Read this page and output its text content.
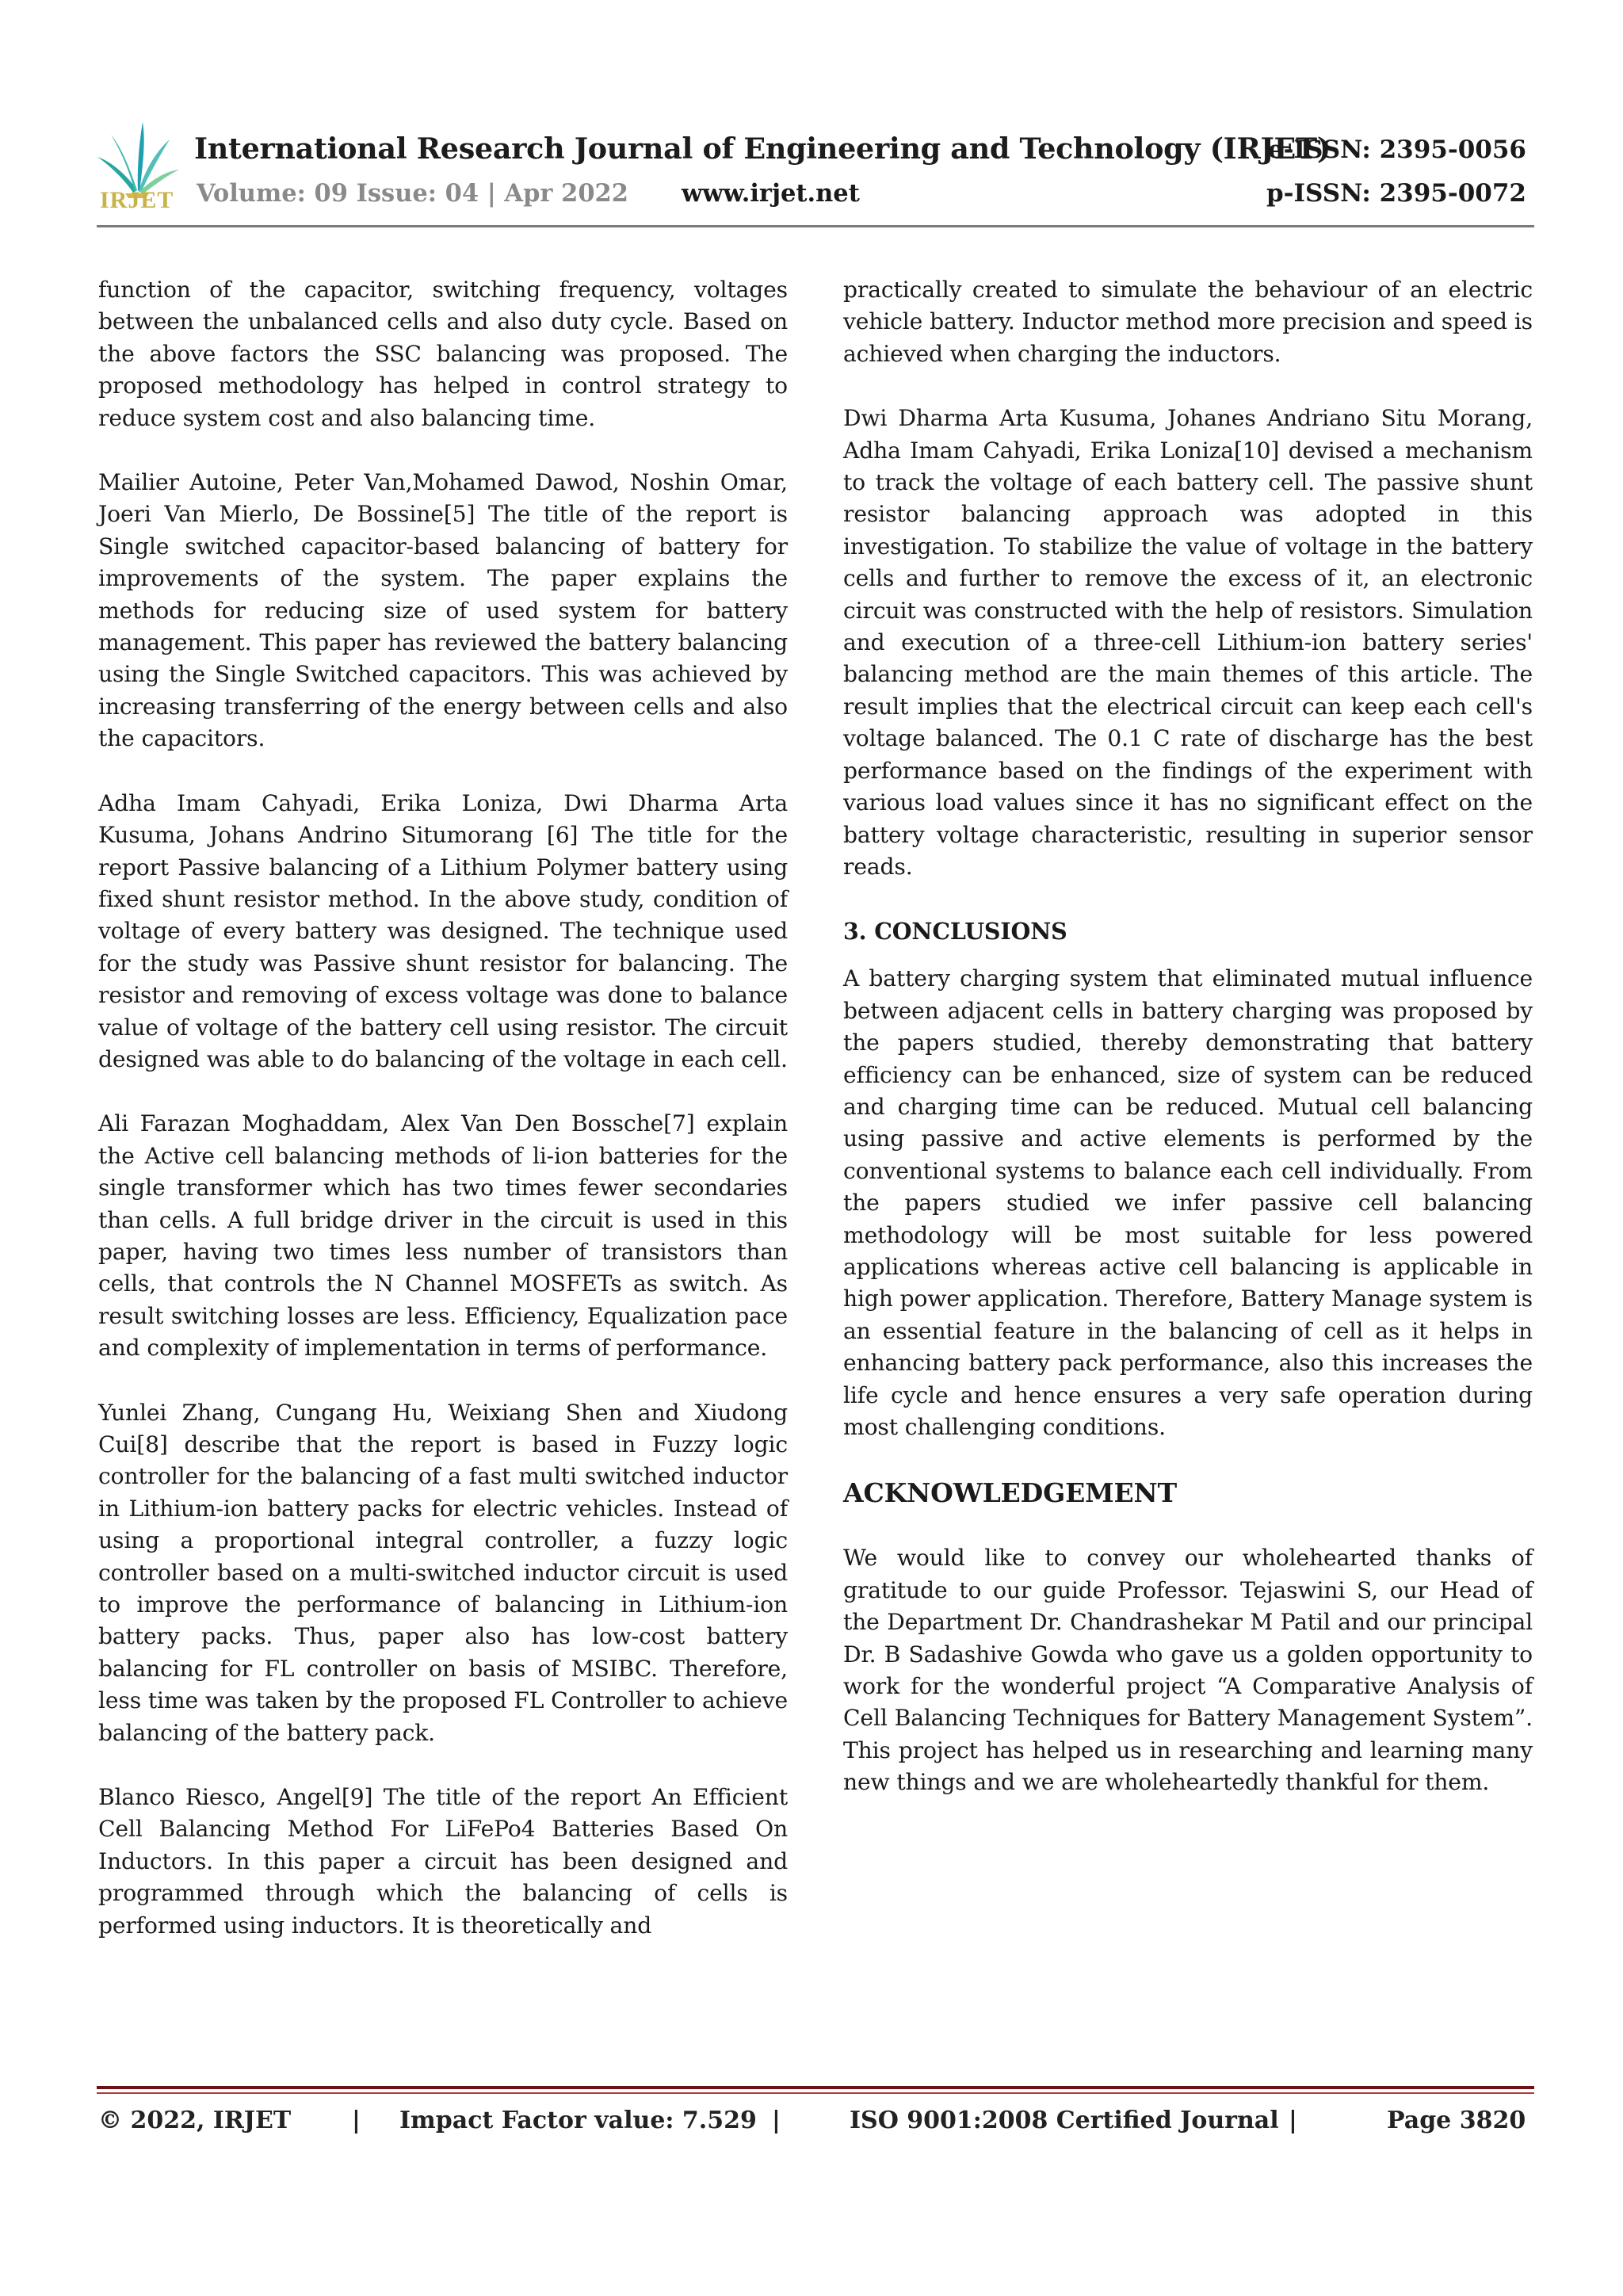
IRJET
International Research Journal of Engineering and Technology (IRJET)
e-ISSN: 2395-0056
Volume: 09 Issue: 04 | Apr 2022 www.irjet.net	p-ISSN: 2395-0072

function of the capacitor, switching frequency, voltages between the unbalanced cells and also duty cycle. Based on the above factors the SSC balancing was proposed. The proposed methodology has helped in control strategy to reduce system cost and also balancing time.

Mailier Autoine, Peter Van,Mohamed Dawod, Noshin Omar, Joeri Van Mierlo, De Bossine[5] The title of the report is Single switched capacitor-based balancing of battery for improvements of the system. The paper explains the methods for reducing size of used system for battery management. This paper has reviewed the battery balancing using the Single Switched capacitors. This was achieved by increasing transferring of the energy between cells and also the capacitors.

Adha Imam Cahyadi, Erika Loniza, Dwi Dharma Arta Kusuma, Johans Andrino Situmorang [6] The title for the report Passive balancing of a Lithium Polymer battery using fixed shunt resistor method. In the above study, condition of voltage of every battery was designed. The technique used for the study was Passive shunt resistor for balancing. The resistor and removing of excess voltage was done to balance value of voltage of the battery cell using resistor. The circuit designed was able to do balancing of the voltage in each cell.

Ali Farazan Moghaddam, Alex Van Den Bossche[7] explain the Active cell balancing methods of li-ion batteries for the single transformer which has two times fewer secondaries than cells. A full bridge driver in the circuit is used in this paper, having two times less number of transistors than cells, that controls the N Channel MOSFETs as switch. As result switching losses are less. Efficiency, Equalization pace and complexity of implementation in terms of performance.

Yunlei Zhang, Cungang Hu, Weixiang Shen and Xiudong Cui[8] describe that the report is based in Fuzzy logic controller for the balancing of a fast multi switched inductor in Lithium-ion battery packs for electric vehicles. Instead of using a proportional integral controller, a fuzzy logic controller based on a multi-switched inductor circuit is used to improve the performance of balancing in Lithium-ion battery packs. Thus, paper also has low-cost battery balancing for FL controller on basis of MSIBC. Therefore, less time was taken by the proposed FL Controller to achieve balancing of the battery pack.

Blanco Riesco, Angel[9] The title of the report An Efficient Cell Balancing Method For LiFePo4 Batteries Based On Inductors. In this paper a circuit has been designed and programmed through which the balancing of cells is performed using inductors. It is theoretically and

practically created to simulate the behaviour of an electric vehicle battery. Inductor method more precision and speed is achieved when charging the inductors.

Dwi Dharma Arta Kusuma, Johanes Andriano Situ Morang, Adha Imam Cahyadi, Erika Loniza[10] devised a mechanism to track the voltage of each battery cell. The passive shunt resistor balancing approach was adopted in this investigation. To stabilize the value of voltage in the battery cells and further to remove the excess of it, an electronic circuit was constructed with the help of resistors. Simulation and execution of a three-cell Lithium-ion battery series' balancing method are the main themes of this article. The result implies that the electrical circuit can keep each cell's voltage balanced. The 0.1 C rate of discharge has the best performance based on the findings of the experiment with various load values since it has no significant effect on the battery voltage characteristic, resulting in superior sensor reads.

3. CONCLUSIONS

A battery charging system that eliminated mutual influence between adjacent cells in battery charging was proposed by the papers studied, thereby demonstrating that battery efficiency can be enhanced, size of system can be reduced and charging time can be reduced. Mutual cell balancing using passive and active elements is performed by the conventional systems to balance each cell individually. From the papers studied we infer passive cell balancing methodology will be most suitable for less powered applications whereas active cell balancing is applicable in high power application. Therefore, Battery Manage system is an essential feature in the balancing of cell as it helps in enhancing battery pack performance, also this increases the life cycle and hence ensures a very safe operation during most challenging conditions.

ACKNOWLEDGEMENT

We would like to convey our wholehearted thanks of gratitude to our guide Professor. Tejaswini S, our Head of the Department Dr. Chandrashekar M Patil and our principal Dr. B Sadashive Gowda who gave us a golden opportunity to work for the wonderful project “A Comparative Analysis of Cell Balancing Techniques for Battery Management System”. This project has helped us in researching and learning many new things and we are wholeheartedly thankful for them.

© 2022, IRJET	| Impact Factor value: 7.529 |	ISO 9001:2008 Certified Journal |	Page 3820
